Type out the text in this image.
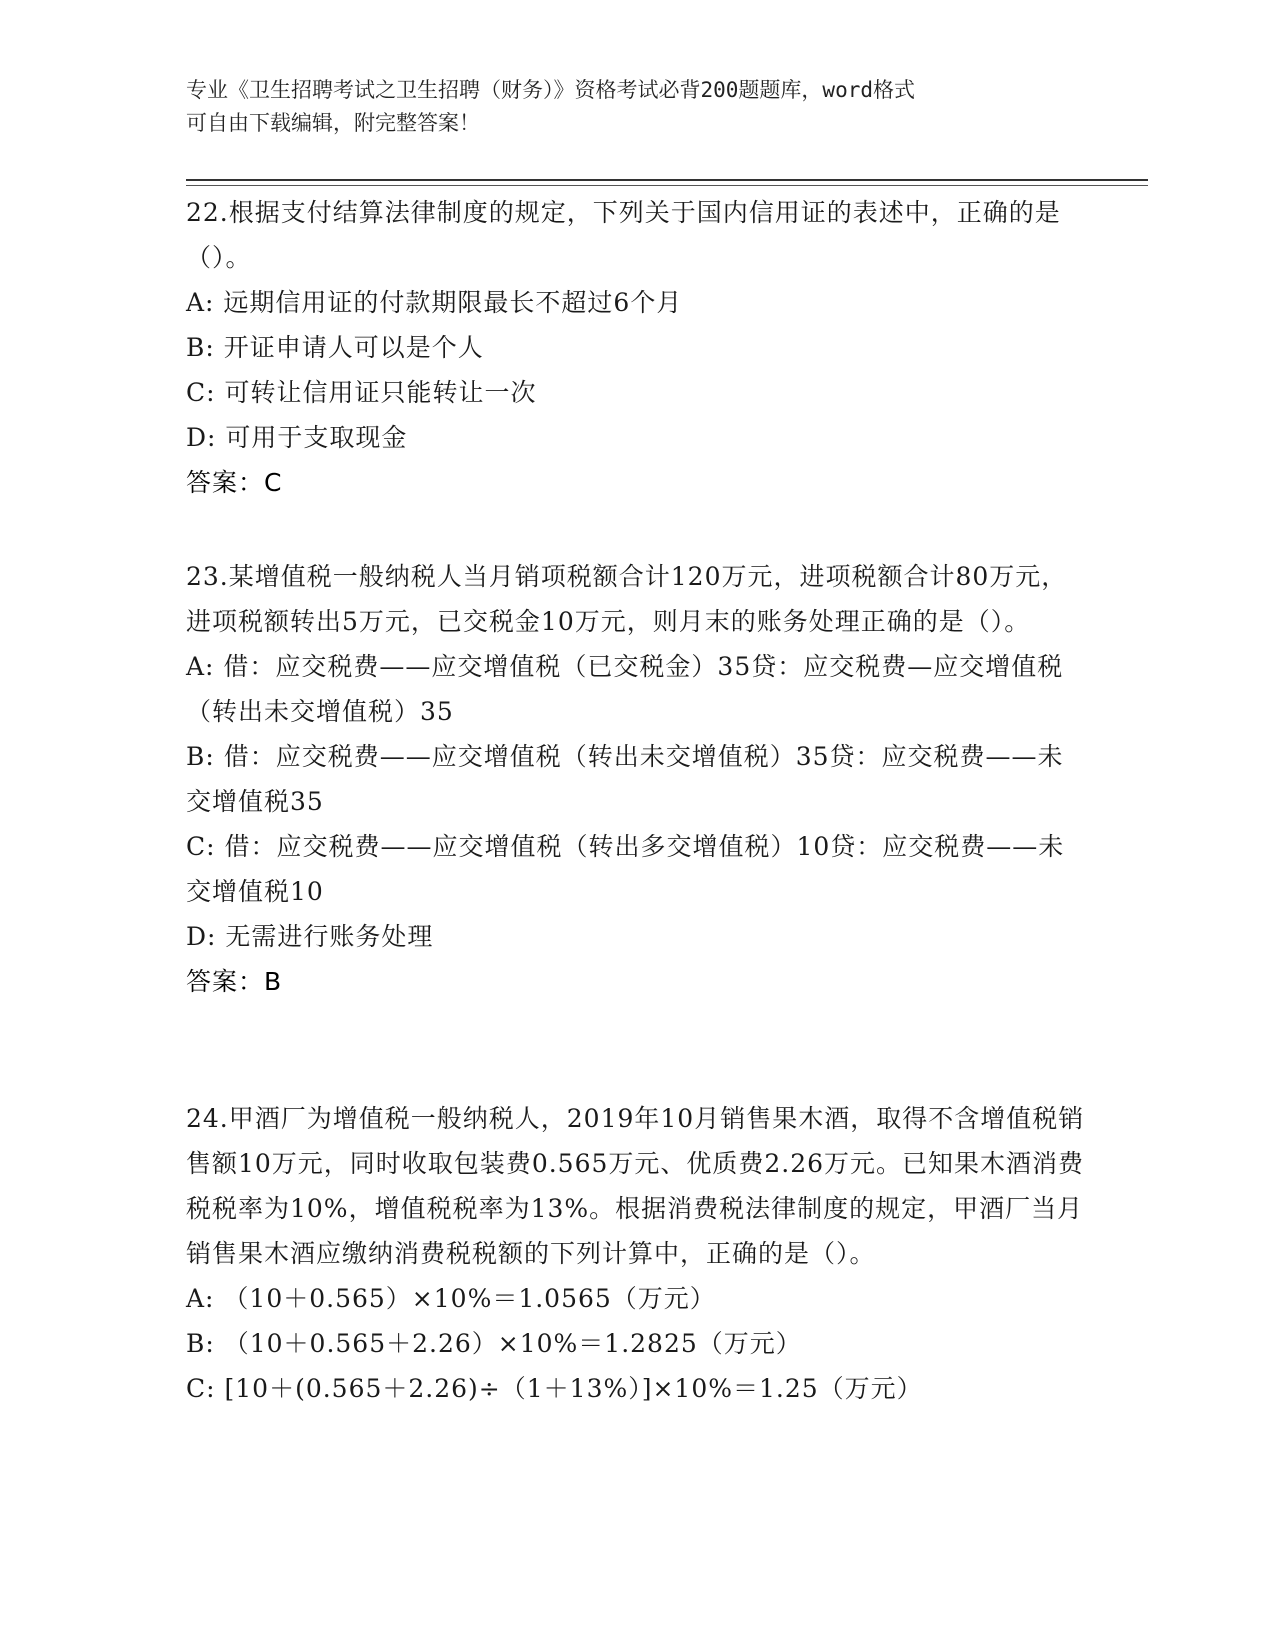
专业《卫生招聘考试之卫生招聘（财务）》资格考试必背200题题库，word格式
可自由下载编辑，附完整答案！

22.根据支付结算法律制度的规定，下列关于国内信用证的表述中，正确的是（）。

A: 远期信用证的付款期限最长不超过6个月

B: 开证申请人可以是个人

C: 可转让信用证只能转让一次

D: 可用于支取现金

答案：C

23.某增值税一般纳税人当月销项税额合计120万元，进项税额合计80万元，进项税额转出5万元，已交税金10万元，则月末的账务处理正确的是（）。

A: 借：应交税费——应交增值税（已交税金）35贷：应交税费—应交增值税（转出未交增值税）35

B: 借：应交税费——应交增值税（转出未交增值税）35贷：应交税费——未交增值税35

C: 借：应交税费——应交增值税（转出多交增值税）10贷：应交税费——未交增值税10

D: 无需进行账务处理

答案：B

24.甲酒厂为增值税一般纳税人，2019年10月销售果木酒，取得不含增值税销售额10万元，同时收取包装费0.565万元、优质费2.26万元。已知果木酒消费税税率为10%，增值税税率为13%。根据消费税法律制度的规定，甲酒厂当月销售果木酒应缴纳消费税税额的下列计算中，正确的是（）。

A: （10＋0.565）×10%＝1.0565（万元）

B: （10＋0.565＋2.26）×10%＝1.2825（万元）

C: [10＋(0.565＋2.26)÷（1＋13%）]×10%＝1.25（万元）
